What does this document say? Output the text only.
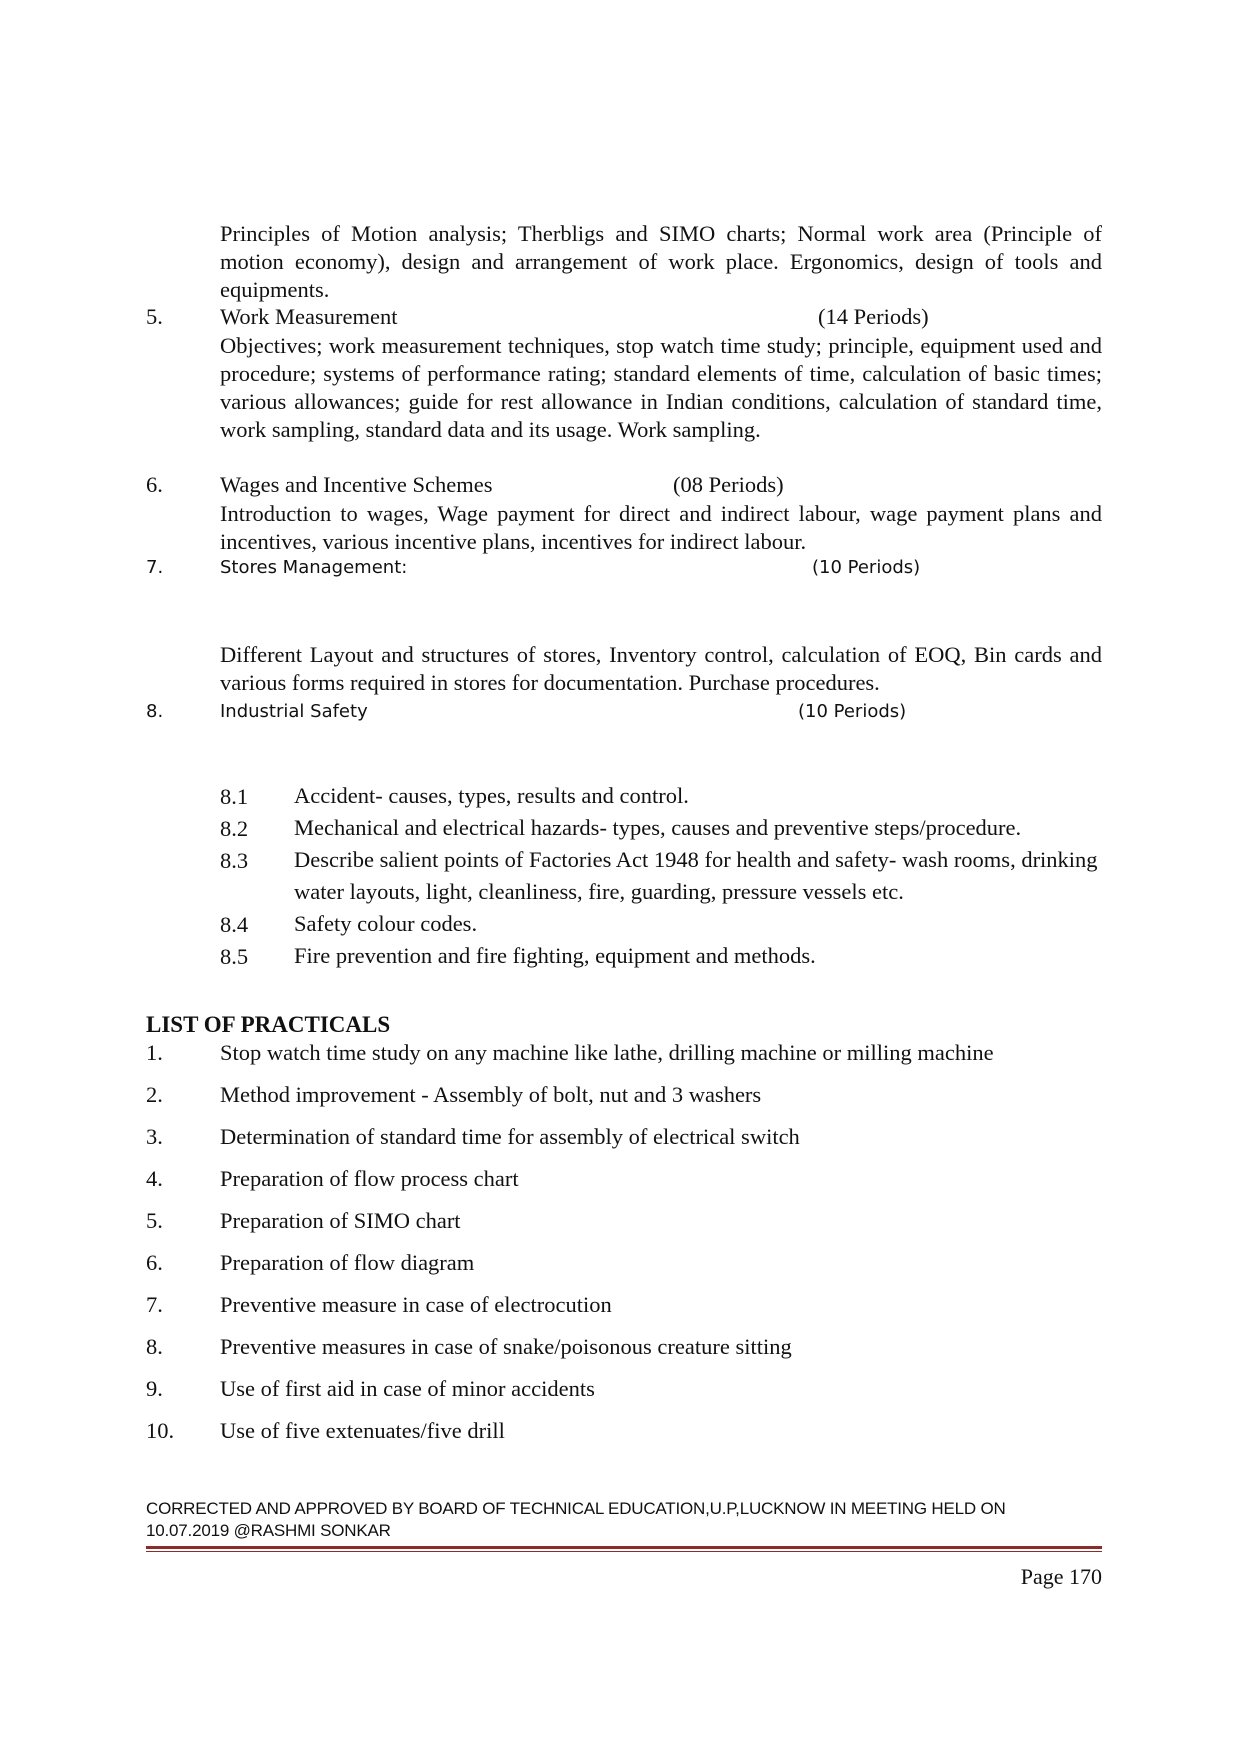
Principles of Motion analysis; Therbligs and SIMO charts; Normal work area (Principle of motion economy), design and arrangement of work place. Ergonomics, design of tools and equipments.
5.	Work Measurement	(14 Periods)
Objectives; work measurement techniques, stop watch time study; principle, equipment used and procedure; systems of performance rating; standard elements of time, calculation of basic times; various allowances; guide for rest allowance in Indian conditions, calculation of standard time, work sampling, standard data and its usage. Work sampling.
6.	Wages and Incentive Schemes	(08 Periods)
Introduction to wages, Wage payment for direct and indirect labour, wage payment plans and incentives, various incentive plans, incentives for indirect labour.
7.	Stores Management:	(10 Periods)
Different Layout and structures of stores, Inventory control, calculation of EOQ, Bin cards and various forms required in stores for documentation. Purchase procedures.
8.	Industrial Safety	(10 Periods)
8.1 Accident- causes, types, results and control.
8.2 Mechanical and electrical hazards- types, causes and preventive steps/procedure.
8.3 Describe salient points of Factories Act 1948 for health and safety- wash rooms, drinking water layouts, light, cleanliness, fire, guarding, pressure vessels etc.
8.4 Safety colour codes.
8.5 Fire prevention and fire fighting, equipment and methods.
LIST OF PRACTICALS
1.	Stop watch time study on any machine like lathe, drilling machine or milling machine
2.	Method improvement - Assembly of bolt, nut and 3 washers
3.	Determination of standard time for assembly of electrical switch
4.	Preparation of flow process chart
5.	Preparation of SIMO chart
6.	Preparation of flow diagram
7.	Preventive measure in case of electrocution
8.	Preventive measures in case of snake/poisonous creature sitting
9.	Use of first aid in case of minor accidents
10. Use of five extenuates/five drill
CORRECTED AND APPROVED BY BOARD OF TECHNICAL EDUCATION,U.P,LUCKNOW IN MEETING HELD ON
10.07.2019 @RASHMI SONKAR
Page 170
